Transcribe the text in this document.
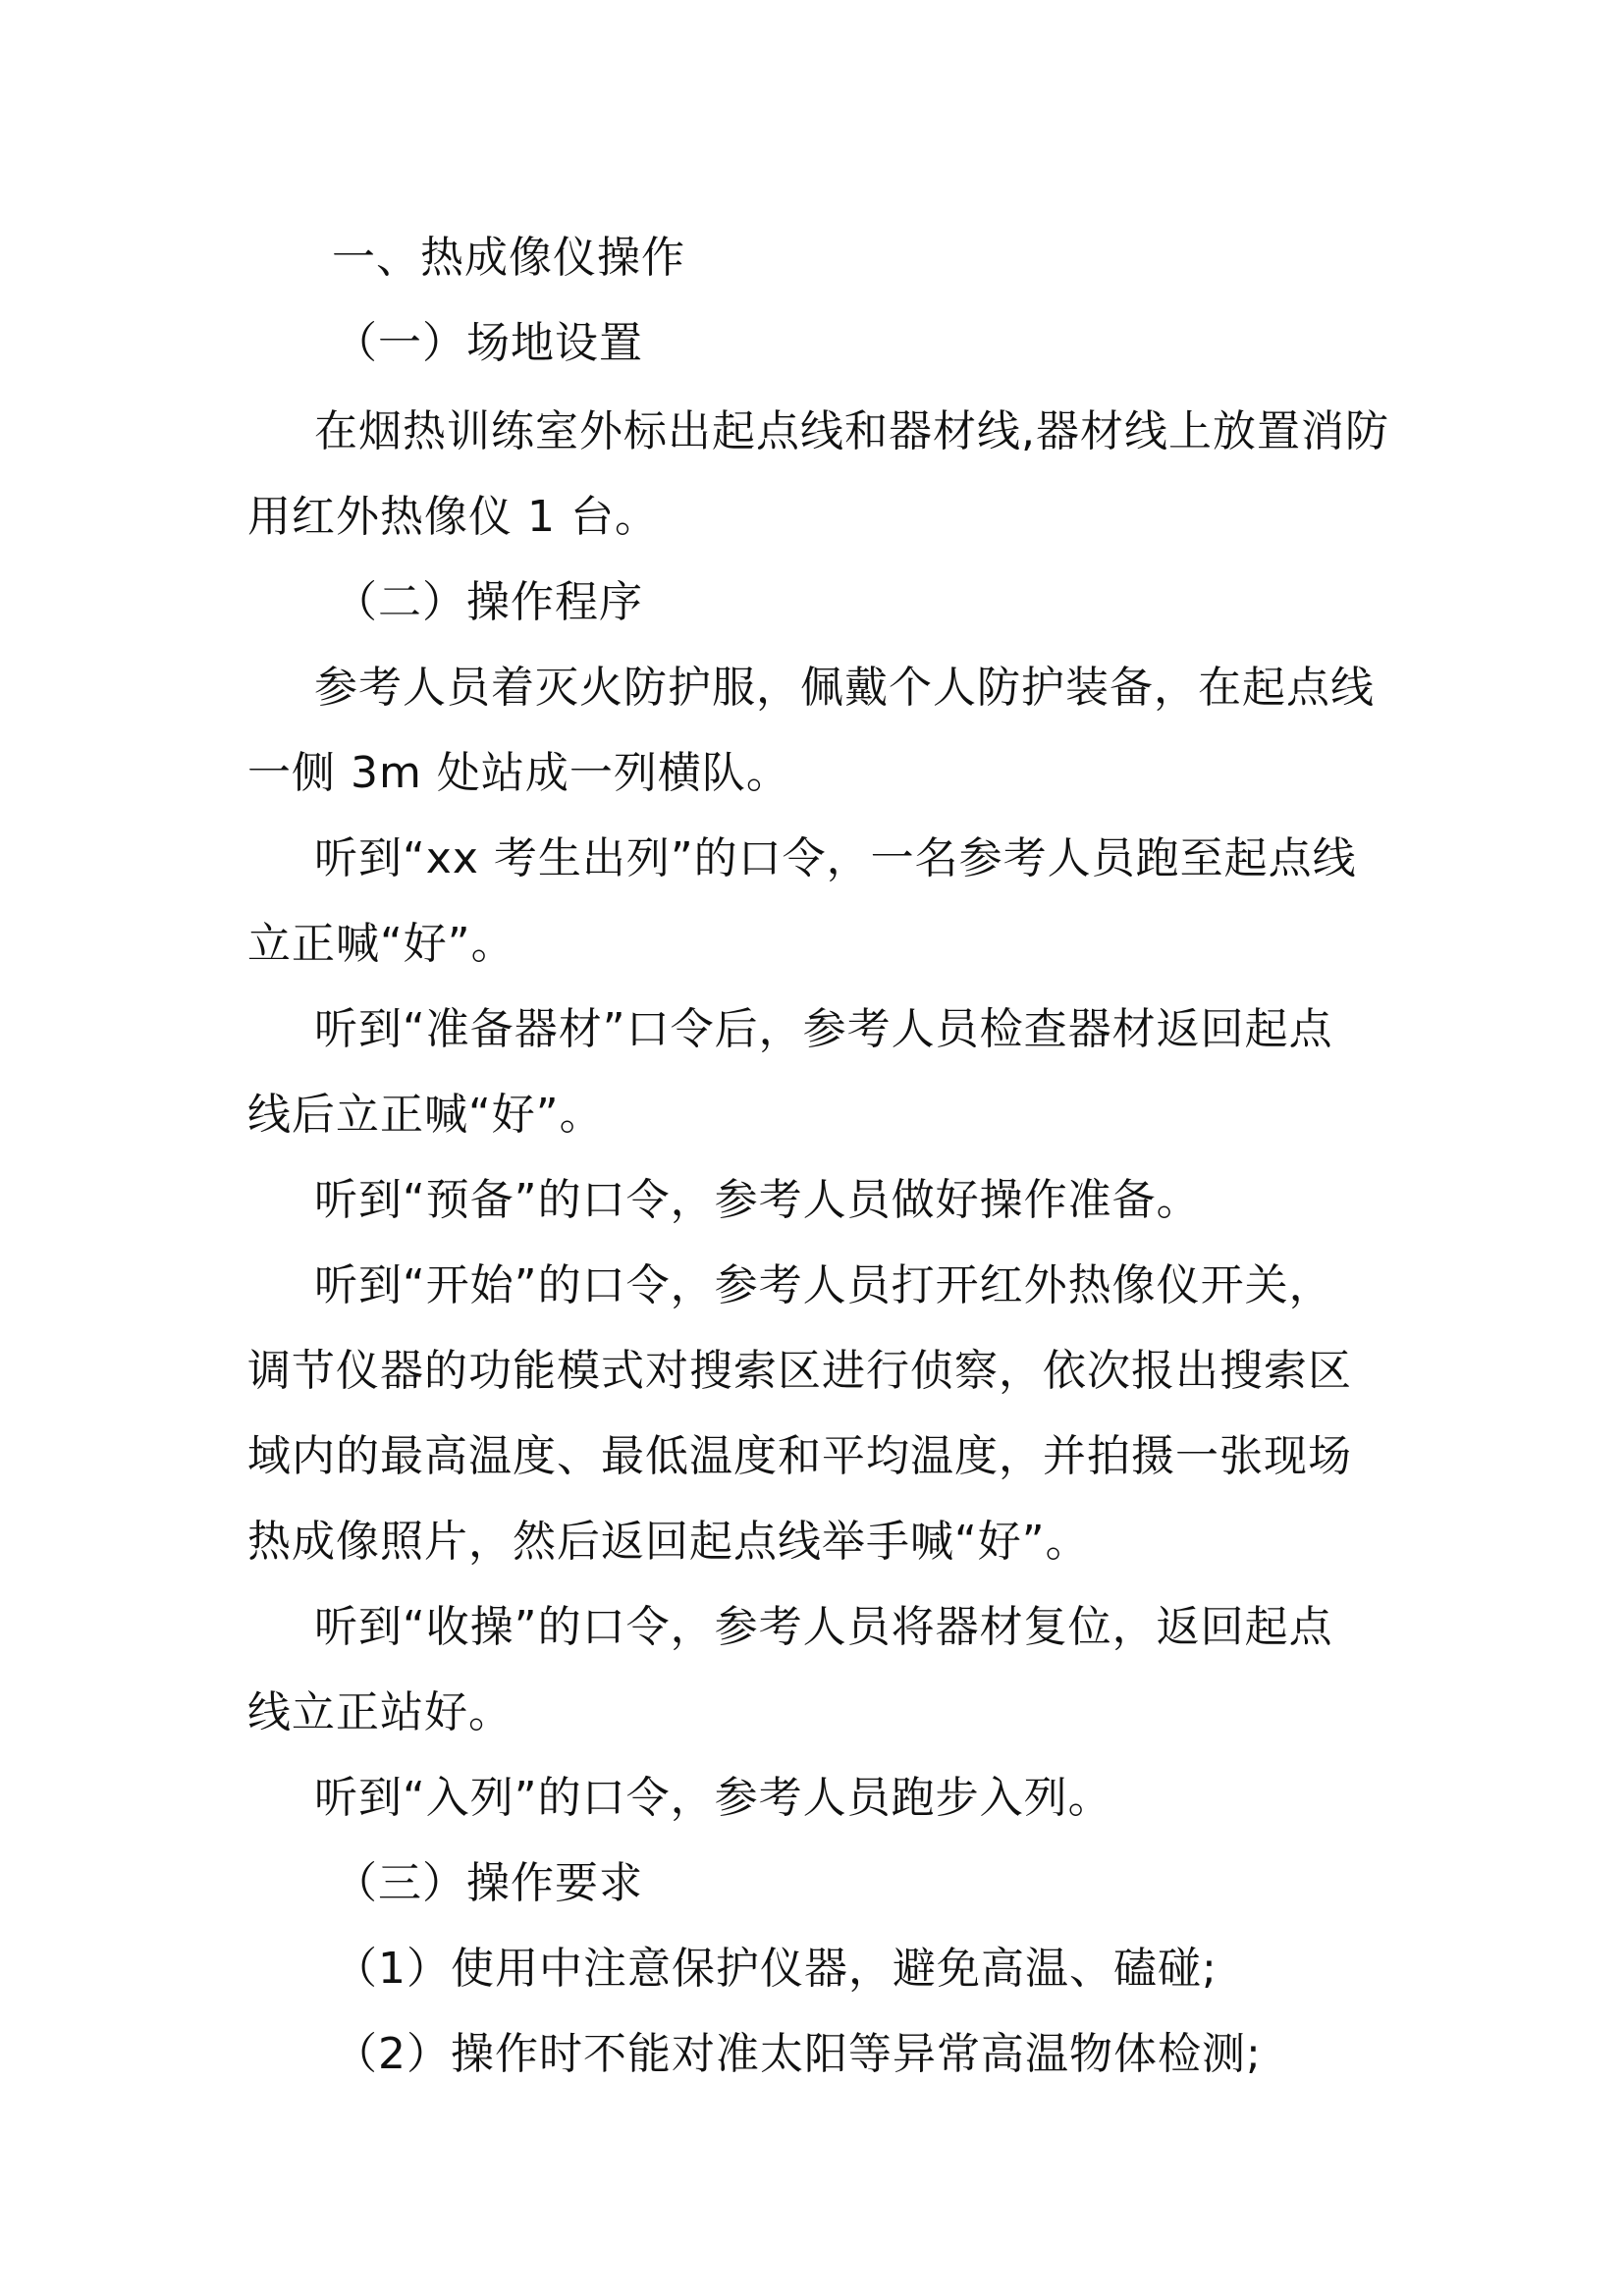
一、热成像仪操作
（一）场地设置
在烟热训练室外标出起点线和器材线,器材线上放置消防
用红外热像仪 1 台。
（二）操作程序
参考人员着灭火防护服，佩戴个人防护装备，在起点线
一侧 3m 处站成一列横队。
听到“xx 考生出列”的口令，一名参考人员跑至起点线
立正喊“好”。
听到“准备器材”口令后，参考人员检查器材返回起点
线后立正喊“好”。
听到“预备”的口令，参考人员做好操作准备。
听到“开始”的口令，参考人员打开红外热像仪开关，
调节仪器的功能模式对搜索区进行侦察，依次报出搜索区
域内的最高温度、最低温度和平均温度，并拍摄一张现场
热成像照片，然后返回起点线举手喊“好”。
听到“收操”的口令，参考人员将器材复位，返回起点
线立正站好。
听到“入列”的口令，参考人员跑步入列。
（三）操作要求
（1）使用中注意保护仪器，避免高温、磕碰;
（2）操作时不能对准太阳等异常高温物体检测;
